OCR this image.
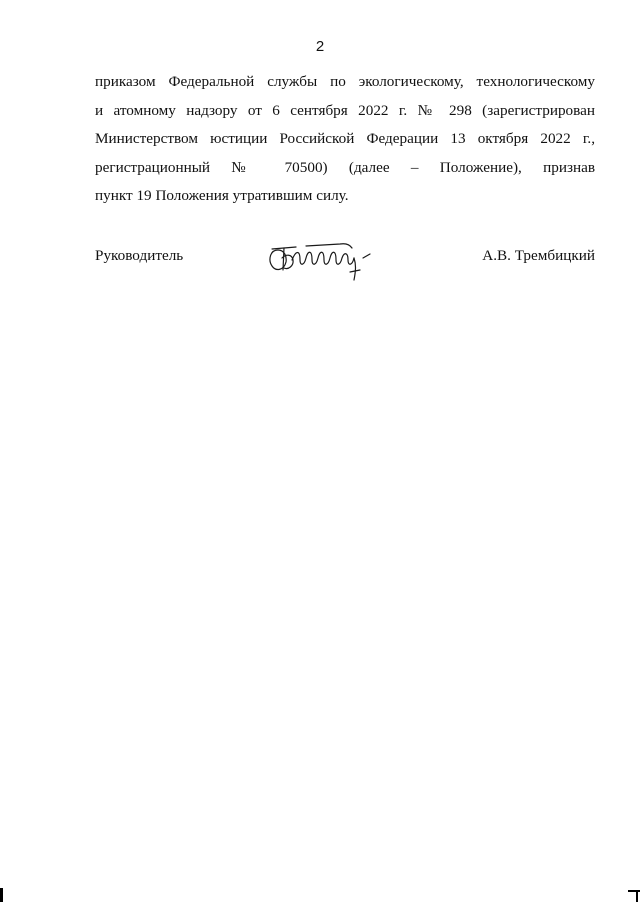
2
приказом Федеральной службы по экологическому, технологическому
и атомному надзору от 6 сентября 2022 г. № 298 (зарегистрирован
Министерством юстиции Российской Федерации 13 октября 2022 г.,
регистрационный № 70500) (далее – Положение), признав
пункт 19 Положения утратившим силу.
Руководитель	А.В. Трембицкий
